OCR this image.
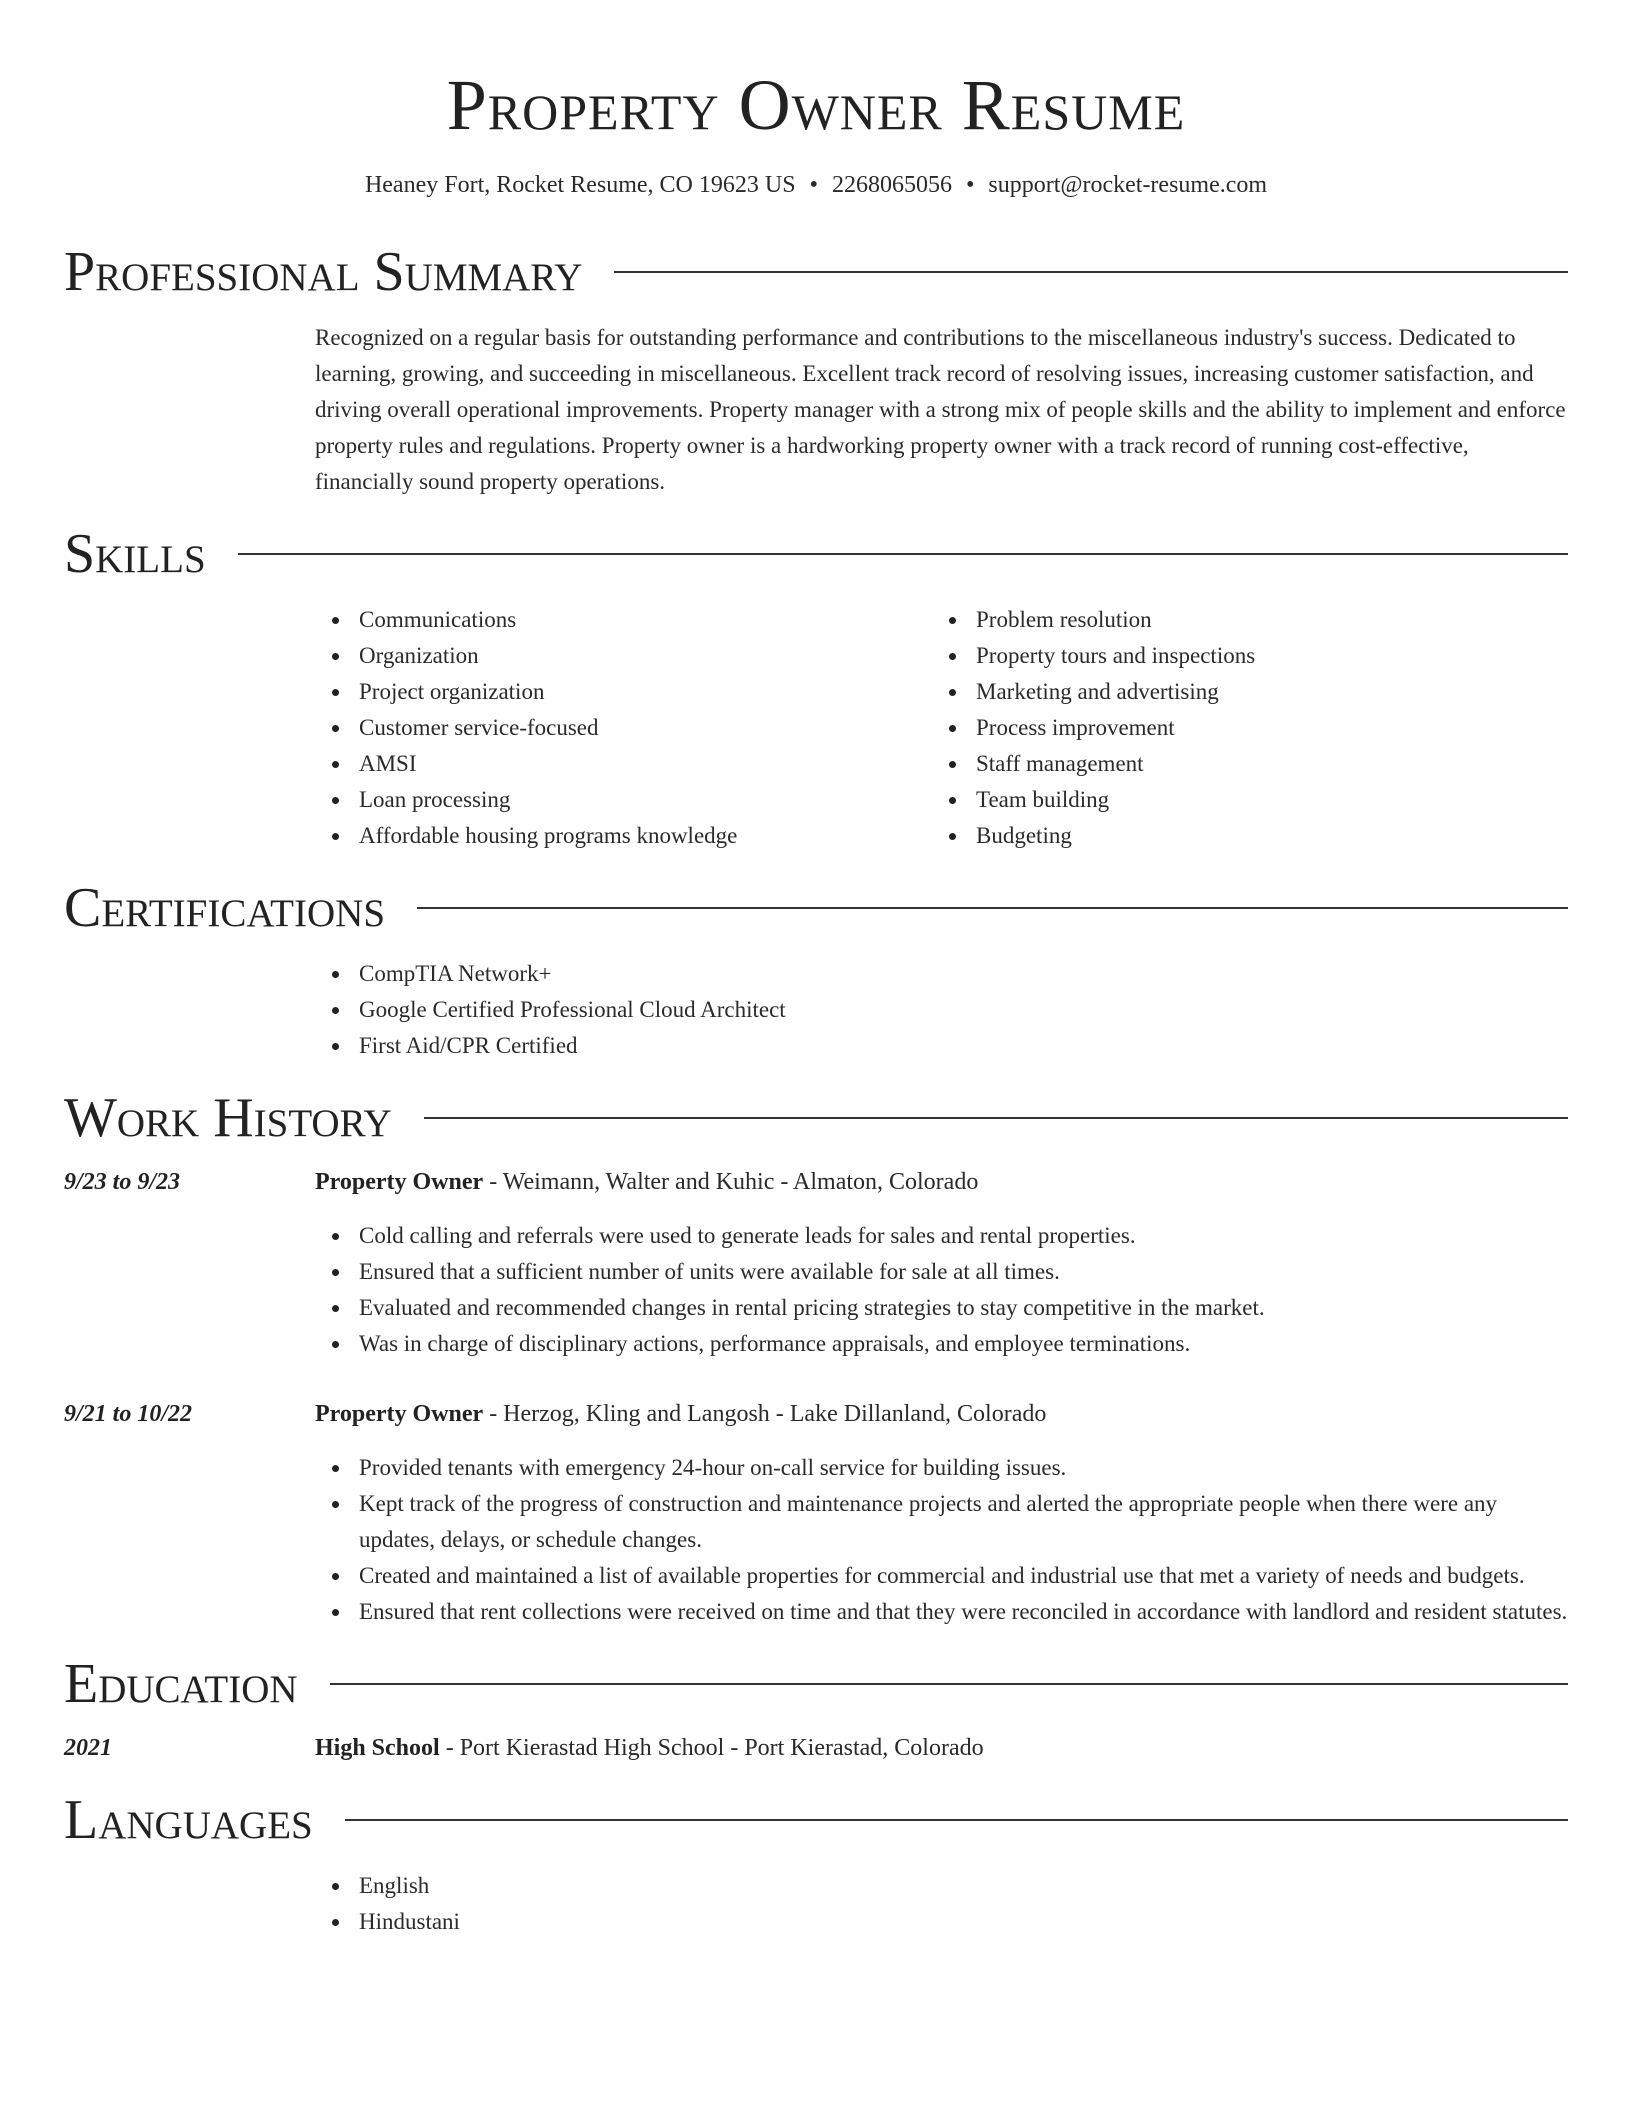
Property Owner Resume
Heaney Fort, Rocket Resume, CO 19623 US • 2268065056 • support@rocket-resume.com
Professional Summary
Recognized on a regular basis for outstanding performance and contributions to the miscellaneous industry's success. Dedicated to learning, growing, and succeeding in miscellaneous. Excellent track record of resolving issues, increasing customer satisfaction, and driving overall operational improvements. Property manager with a strong mix of people skills and the ability to implement and enforce property rules and regulations. Property owner is a hardworking property owner with a track record of running cost-effective, financially sound property operations.
Skills
Communications
Organization
Project organization
Customer service-focused
AMSI
Loan processing
Affordable housing programs knowledge
Problem resolution
Property tours and inspections
Marketing and advertising
Process improvement
Staff management
Team building
Budgeting
Certifications
CompTIA Network+
Google Certified Professional Cloud Architect
First Aid/CPR Certified
Work History
9/23 to 9/23	Property Owner - Weimann, Walter and Kuhic - Almaton, Colorado
Cold calling and referrals were used to generate leads for sales and rental properties.
Ensured that a sufficient number of units were available for sale at all times.
Evaluated and recommended changes in rental pricing strategies to stay competitive in the market.
Was in charge of disciplinary actions, performance appraisals, and employee terminations.
9/21 to 10/22	Property Owner - Herzog, Kling and Langosh - Lake Dillanland, Colorado
Provided tenants with emergency 24-hour on-call service for building issues.
Kept track of the progress of construction and maintenance projects and alerted the appropriate people when there were any updates, delays, or schedule changes.
Created and maintained a list of available properties for commercial and industrial use that met a variety of needs and budgets.
Ensured that rent collections were received on time and that they were reconciled in accordance with landlord and resident statutes.
Education
2021	High School - Port Kierastad High School - Port Kierastad, Colorado
Languages
English
Hindustani
